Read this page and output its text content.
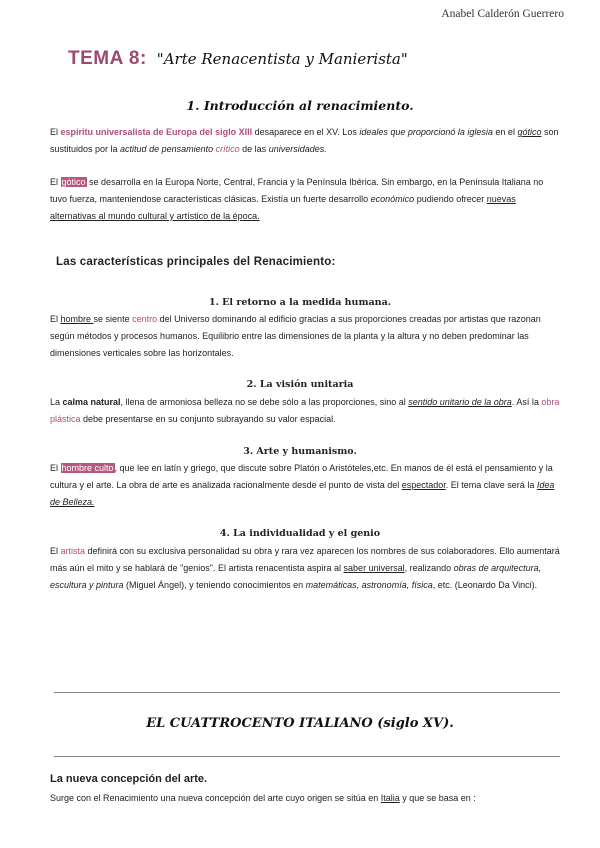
Anabel Calderón Guerrero
TEMA 8: "Arte Renacentista y Manierista"
1. Introducción al renacimiento.

El espíritu universalista de Europa del siglo XIII desaparece en el XV. Los ideales que proporcionó la iglesia en el gótico son sustituidos por la actitud de pensamiento crítico de las universidades.

El gótico se desarrolla en la Europa Norte, Central, Francia y la Península Ibérica. Sin embargo, en la Península Italiana no tuvo fuerza, manteniendose características clásicas. Existía un fuerte desarrollo económico pudiendo ofrecer nuevas alternativas al mundo cultural y artístico de la época.

Las características principales del Renacimiento:
1. El retorno a la medida humana.

El hombre se siente centro del Universo dominando al edificio gracias a sus proporciones creadas por artistas que razonan según métodos y procesos humanos. Equilibrio entre las dimensiones de la planta y la altura y no deben predominar las dimensiones verticales sobre las horizontales.

2. La visión unitaria

La calma natural, llena de armoniosa belleza no se debe sólo a las proporciones, sino al sentido unitario de la obra. Así la obra plástica debe presentarse en su conjunto subrayando su valor espacial.

3. Arte y humanismo.

El hombre culto, que lee en latín y griego, que discute sobre Platón o Aristóteles,etc. En manos de él está el pensamiento y la cultura y el arte. La obra de arte es analizada racionalmente desde el punto de vista del espectador. El tema clave será la Idea de Belleza.

4. La individualidad y el genio

El artista definirá con su exclusiva personalidad su obra y rara vez aparecen los nombres de sus colaboradores. Ello aumentará más aún el mito y se hablará de "genios". El artista renacentista aspira al saber universal, realizando obras de arquitectura, escultura y pintura (Miguel Ángel), y teniendo conocimientos en matemáticas, astronomía, física, etc. (Leonardo Da Vinci).

EL CUATTROCENTO ITALIANO (siglo XV).
La nueva concepción del arte.

Surge con el Renacimiento una nueva concepción del arte cuyo origen se sitúa en Italia y que se basa en :
